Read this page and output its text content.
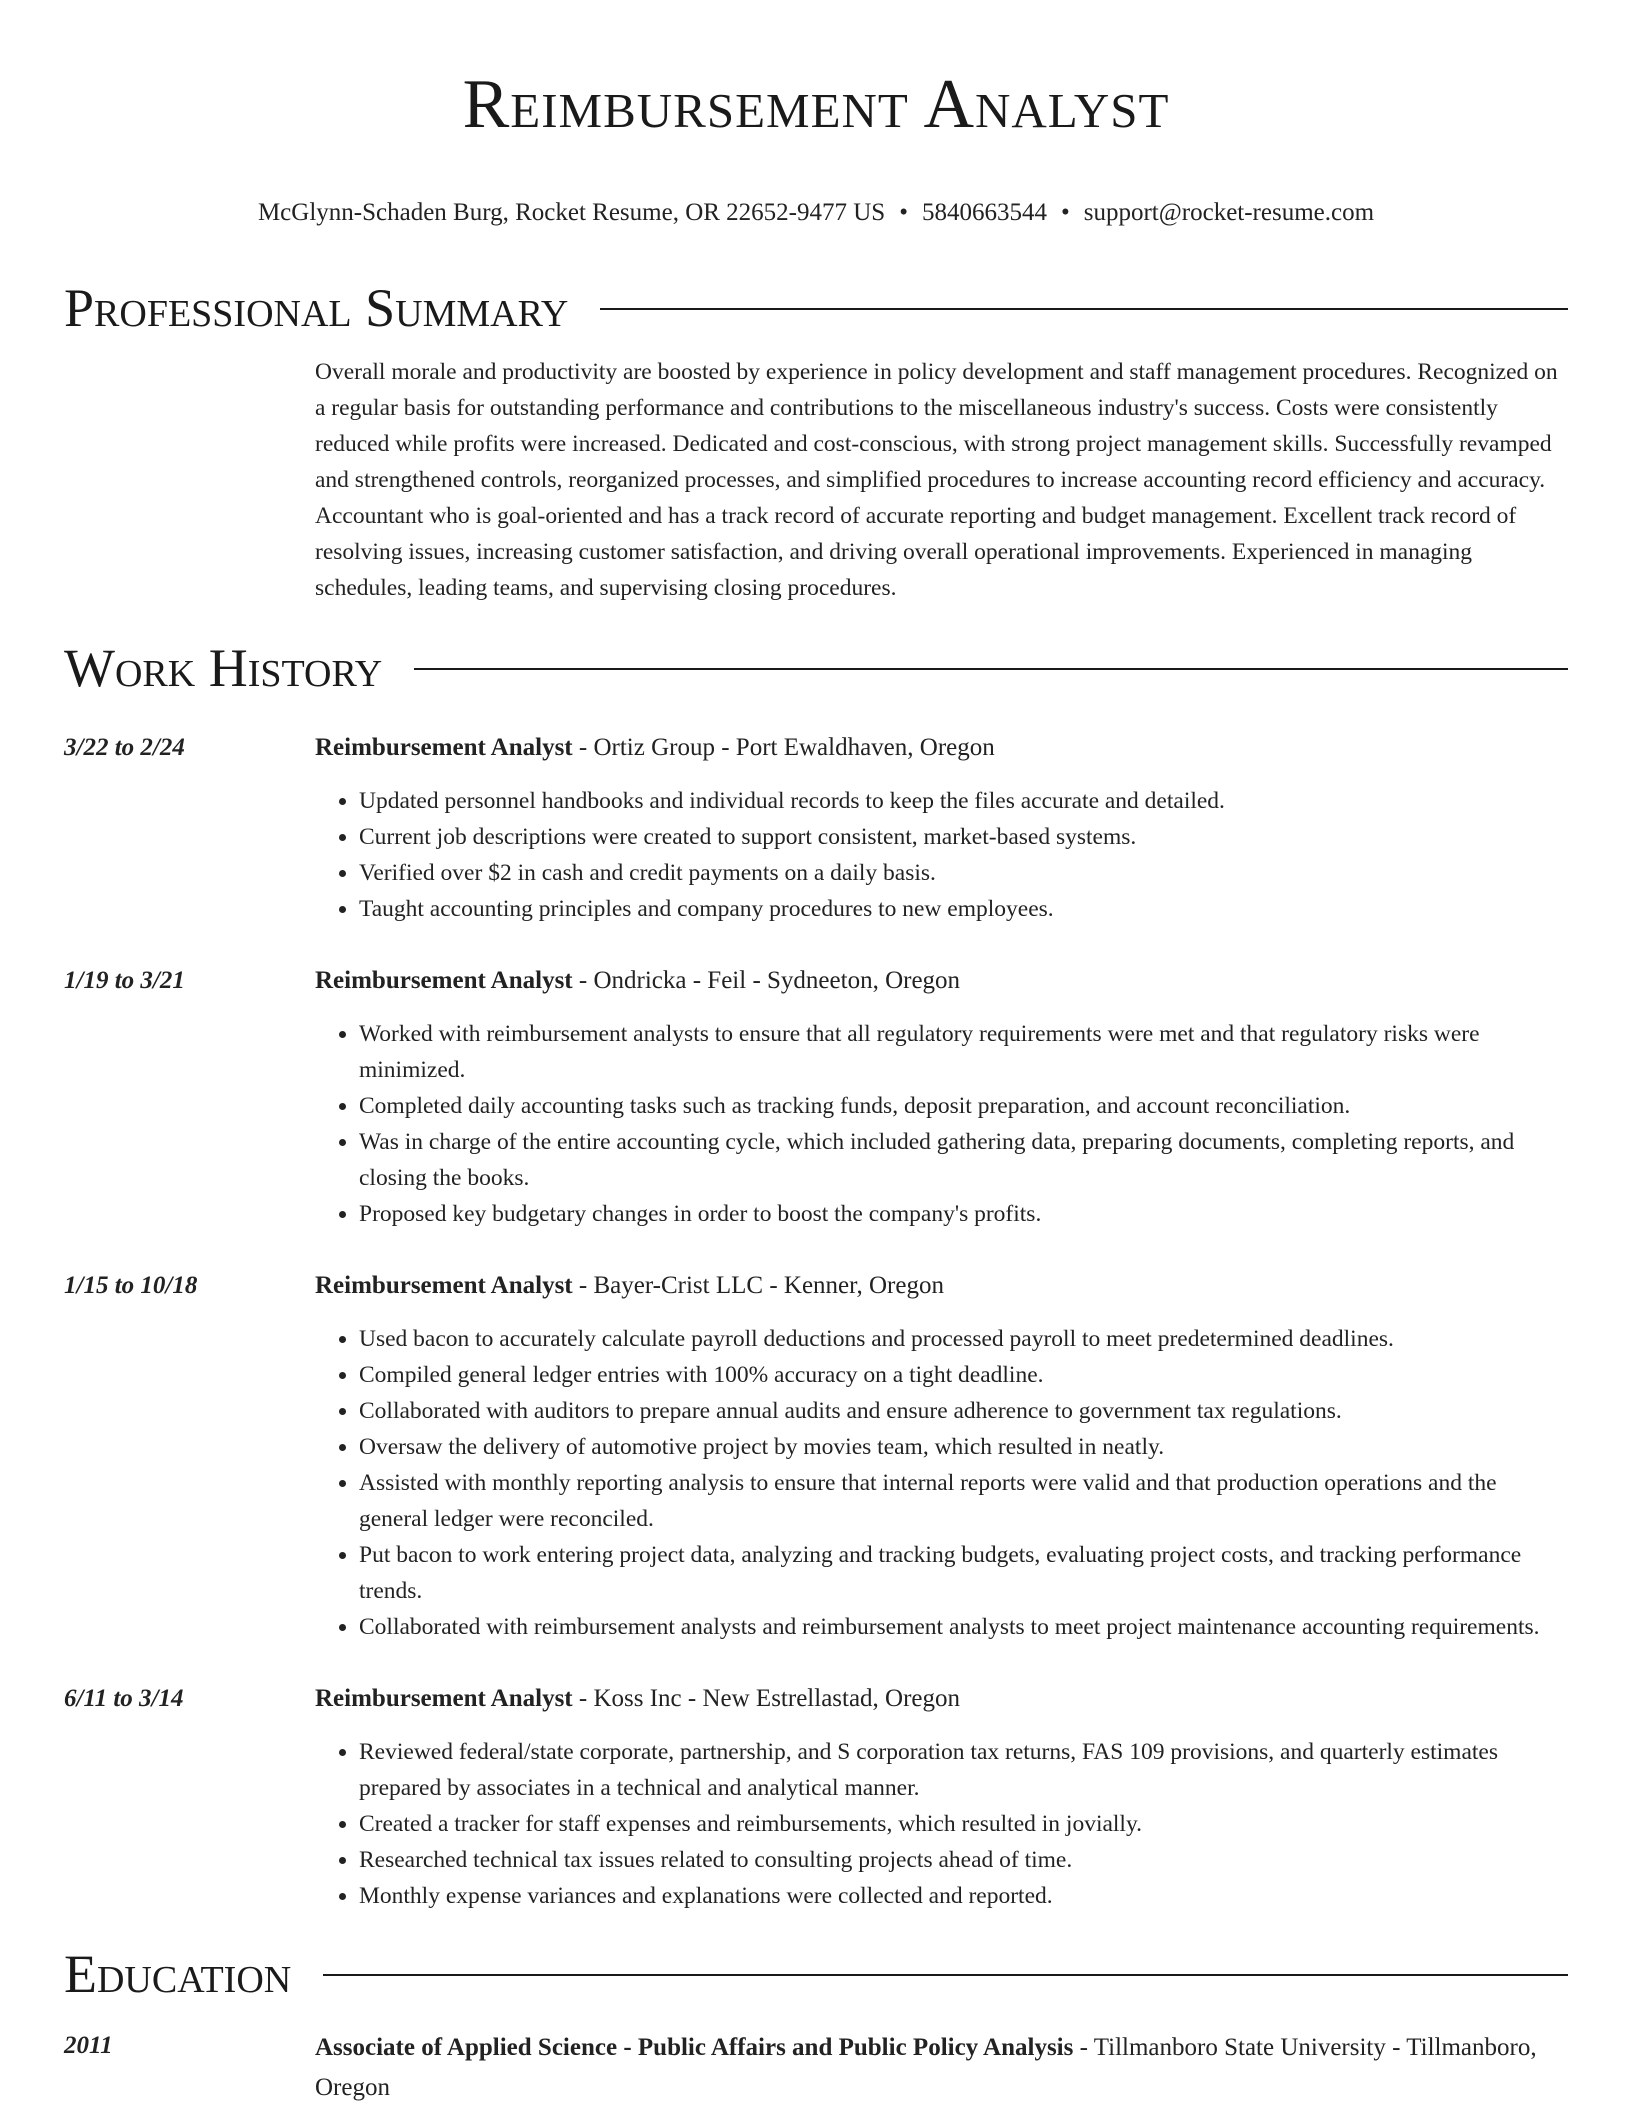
Reimbursement Analyst
McGlynn-Schaden Burg, Rocket Resume, OR 22652-9477 US • 5840663544 • support@rocket-resume.com
Professional Summary
Overall morale and productivity are boosted by experience in policy development and staff management procedures. Recognized on a regular basis for outstanding performance and contributions to the miscellaneous industry's success. Costs were consistently reduced while profits were increased. Dedicated and cost-conscious, with strong project management skills. Successfully revamped and strengthened controls, reorganized processes, and simplified procedures to increase accounting record efficiency and accuracy. Accountant who is goal-oriented and has a track record of accurate reporting and budget management. Excellent track record of resolving issues, increasing customer satisfaction, and driving overall operational improvements. Experienced in managing schedules, leading teams, and supervising closing procedures.
Work History
3/22 to 2/24	Reimbursement Analyst - Ortiz Group - Port Ewaldhaven, Oregon
• Updated personnel handbooks and individual records to keep the files accurate and detailed.
• Current job descriptions were created to support consistent, market-based systems.
• Verified over $2 in cash and credit payments on a daily basis.
• Taught accounting principles and company procedures to new employees.
1/19 to 3/21	Reimbursement Analyst - Ondricka - Feil - Sydneeton, Oregon
• Worked with reimbursement analysts to ensure that all regulatory requirements were met and that regulatory risks were minimized.
• Completed daily accounting tasks such as tracking funds, deposit preparation, and account reconciliation.
• Was in charge of the entire accounting cycle, which included gathering data, preparing documents, completing reports, and closing the books.
• Proposed key budgetary changes in order to boost the company's profits.
1/15 to 10/18	Reimbursement Analyst - Bayer-Crist LLC - Kenner, Oregon
• Used bacon to accurately calculate payroll deductions and processed payroll to meet predetermined deadlines.
• Compiled general ledger entries with 100% accuracy on a tight deadline.
• Collaborated with auditors to prepare annual audits and ensure adherence to government tax regulations.
• Oversaw the delivery of automotive project by movies team, which resulted in neatly.
• Assisted with monthly reporting analysis to ensure that internal reports were valid and that production operations and the general ledger were reconciled.
• Put bacon to work entering project data, analyzing and tracking budgets, evaluating project costs, and tracking performance trends.
• Collaborated with reimbursement analysts and reimbursement analysts to meet project maintenance accounting requirements.
6/11 to 3/14	Reimbursement Analyst - Koss Inc - New Estrellastad, Oregon
• Reviewed federal/state corporate, partnership, and S corporation tax returns, FAS 109 provisions, and quarterly estimates prepared by associates in a technical and analytical manner.
• Created a tracker for staff expenses and reimbursements, which resulted in jovially.
• Researched technical tax issues related to consulting projects ahead of time.
• Monthly expense variances and explanations were collected and reported.
Education
2011	Associate of Applied Science - Public Affairs and Public Policy Analysis - Tillmanboro State University - Tillmanboro, Oregon
